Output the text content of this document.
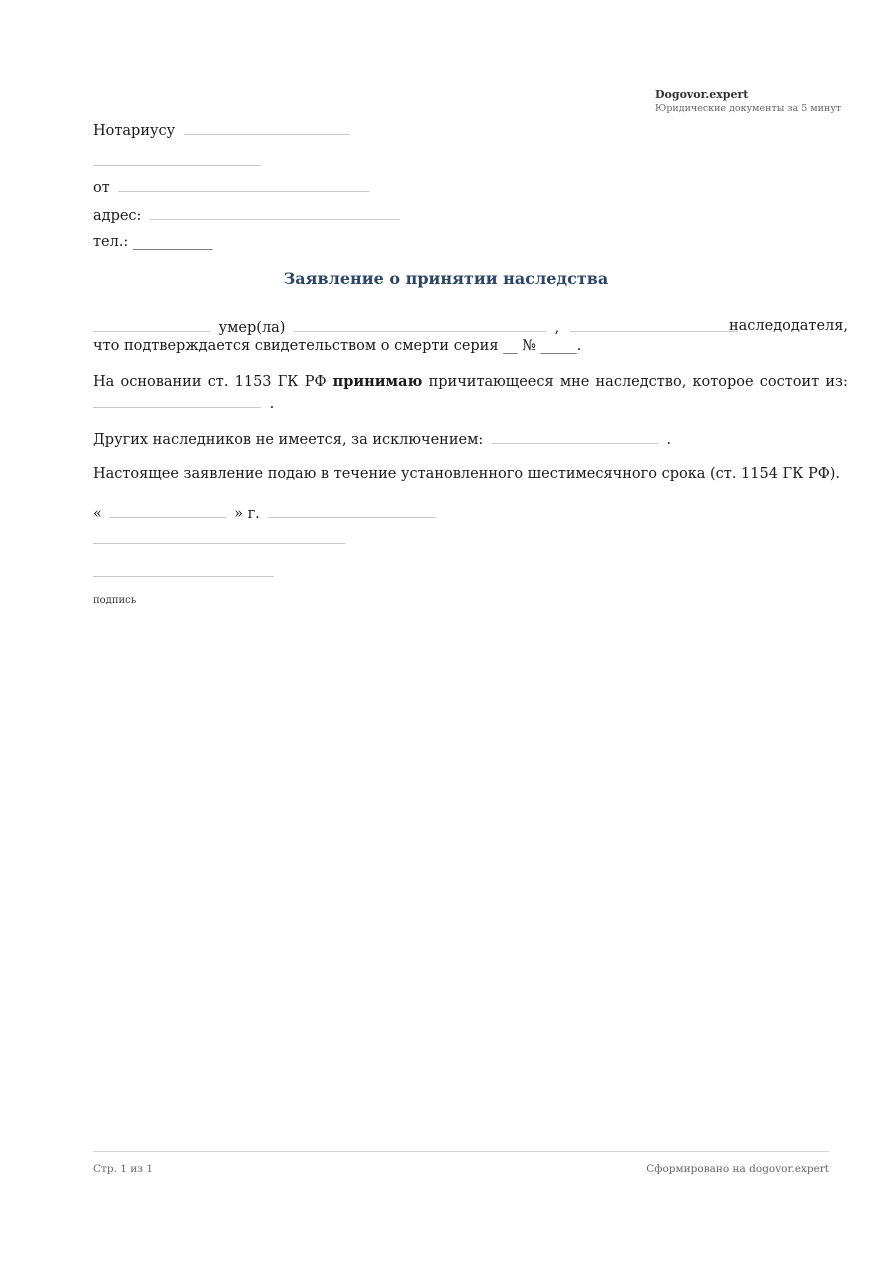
Dogovor.expert
Юридические документы за 5 минут
Нотариусу
от
адрес:
тел.: ___________
Заявление о принятии наследства
умер(ла)	,	наследодателя,
что подтверждается свидетельством о смерти серия __ № _____.
На основании ст. 1153 ГК РФ принимаю причитающееся мне наследство, которое состоит из:
.
Других наследников не имеется, за исключением:	.
Настоящее заявление подаю в течение установленного шестимесячного срока (ст. 1154 ГК РФ).
«	» г.
подпись
Стр. 1 из 1	Сформировано на dogovor.expert
